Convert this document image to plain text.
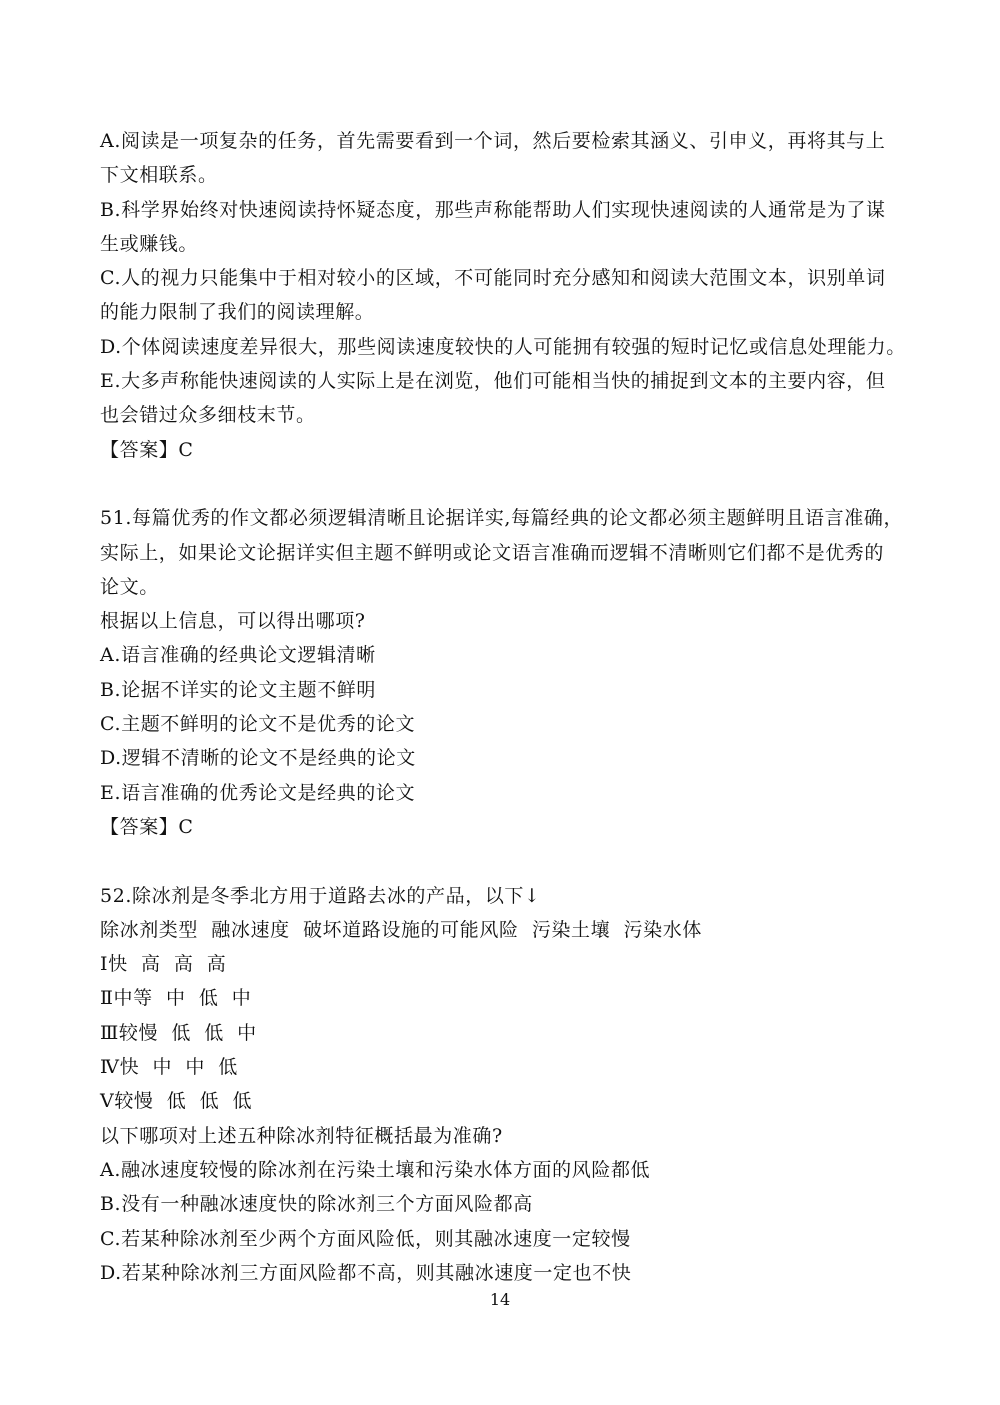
A.阅读是一项复杂的任务，首先需要看到一个词，然后要检索其涵义、引申义，再将其与上
下文相联系。
B.科学界始终对快速阅读持怀疑态度，那些声称能帮助人们实现快速阅读的人通常是为了谋
生或赚钱。
C.人的视力只能集中于相对较小的区域，不可能同时充分感知和阅读大范围文本，识别单词
的能力限制了我们的阅读理解。
D.个体阅读速度差异很大，那些阅读速度较快的人可能拥有较强的短时记忆或信息处理能力。
E.大多声称能快速阅读的人实际上是在浏览，他们可能相当快的捕捉到文本的主要内容，但
也会错过众多细枝末节。
【答案】C
51.每篇优秀的作文都必须逻辑清晰且论据详实,每篇经典的论文都必须主题鲜明且语言准确，
实际上，如果论文论据详实但主题不鲜明或论文语言准确而逻辑不清晰则它们都不是优秀的
论文。
根据以上信息，可以得出哪项?
A.语言准确的经典论文逻辑清晰
B.论据不详实的论文主题不鲜明
C.主题不鲜明的论文不是优秀的论文
D.逻辑不清晰的论文不是经典的论文
E.语言准确的优秀论文是经典的论文
【答案】C
52.除冰剂是冬季北方用于道路去冰的产品，以下↓
除冰剂类型  融冰速度  破坏道路设施的可能风险  污染土壤  污染水体
Ⅰ快  高  高  高
Ⅱ中等  中  低  中
Ⅲ较慢  低  低  中
Ⅳ快  中  中  低
Ⅴ较慢  低  低  低
以下哪项对上述五种除冰剂特征概括最为准确?
A.融冰速度较慢的除冰剂在污染土壤和污染水体方面的风险都低
B.没有一种融冰速度快的除冰剂三个方面风险都高
C.若某种除冰剂至少两个方面风险低，则其融冰速度一定较慢
D.若某种除冰剂三方面风险都不高，则其融冰速度一定也不快
14
